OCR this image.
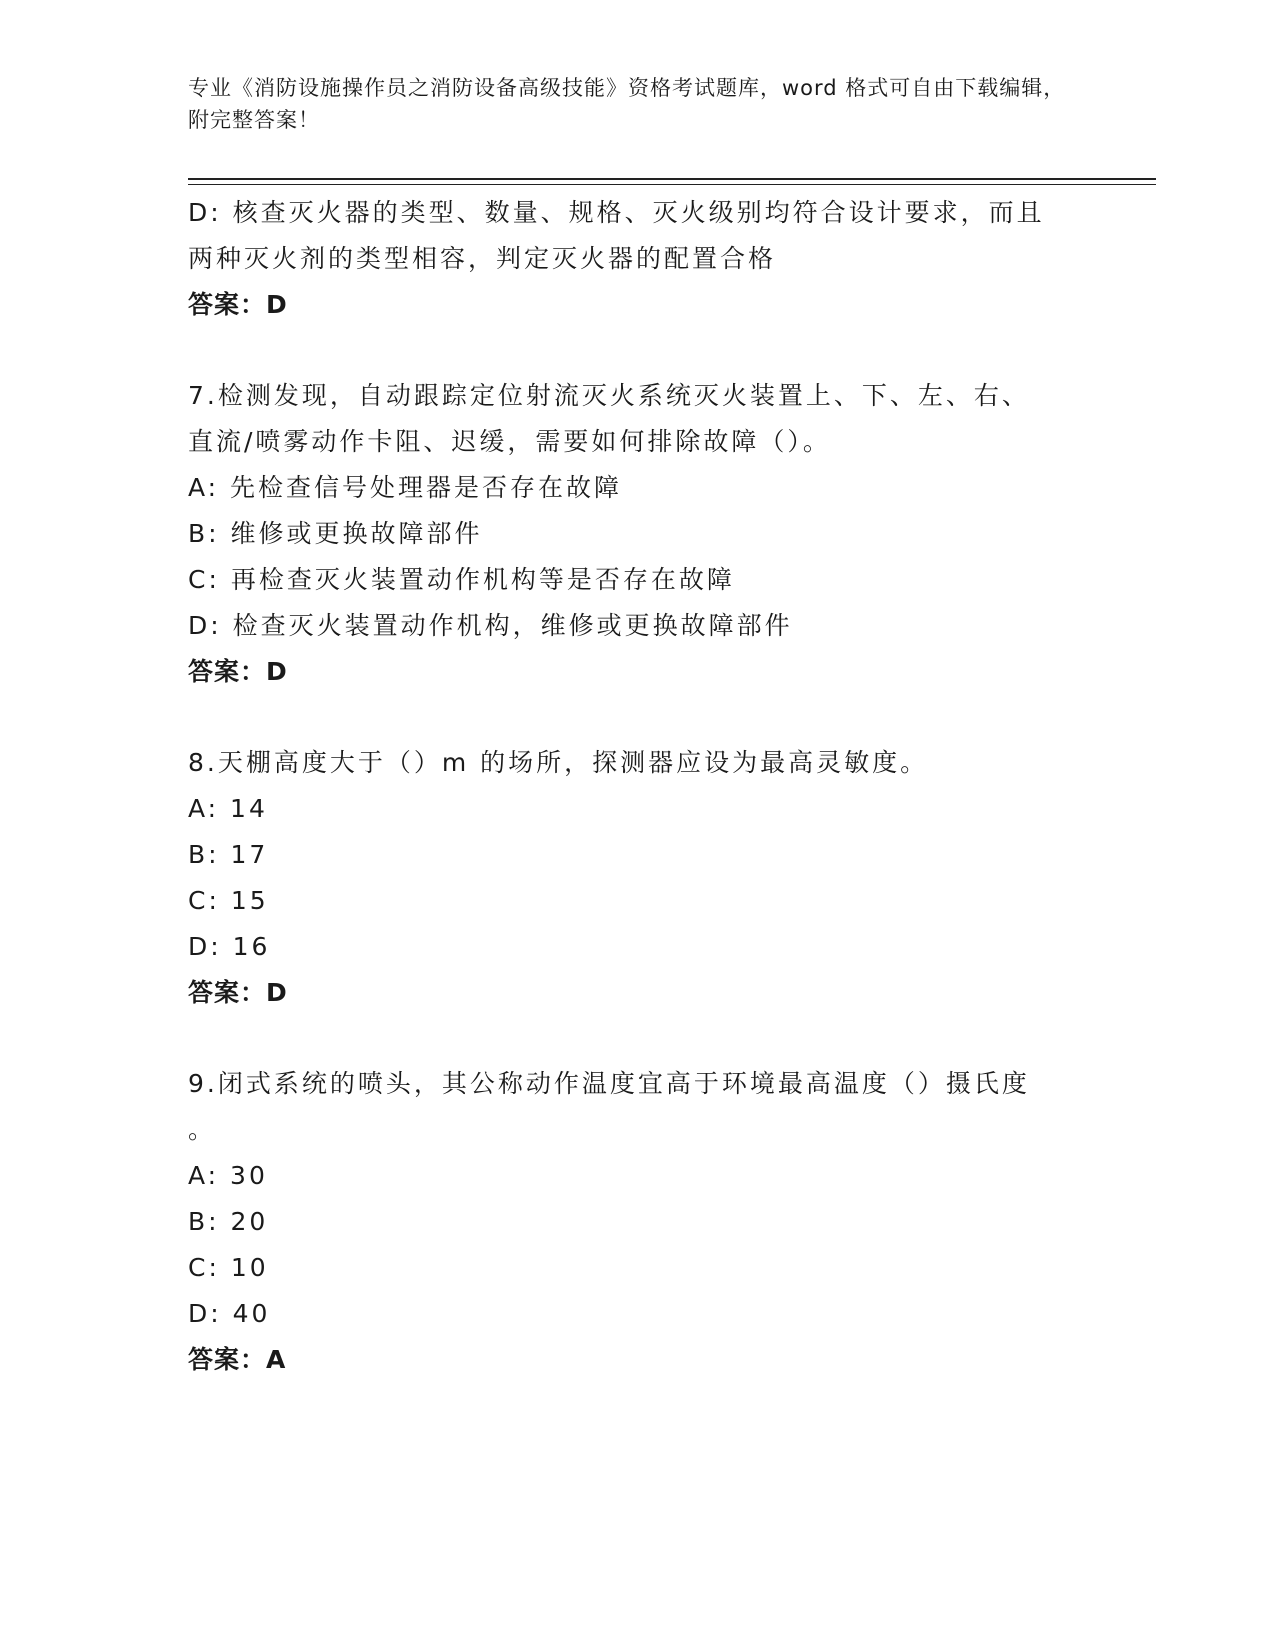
专业《消防设施操作员之消防设备高级技能》资格考试题库，word 格式可自由下载编辑，附完整答案！
D: 核查灭火器的类型、数量、规格、灭火级别均符合设计要求，而且
两种灭火剂的类型相容，判定灭火器的配置合格
答案：D
7.检测发现，自动跟踪定位射流灭火系统灭火装置上、下、左、右、
直流/喷雾动作卡阻、迟缓，需要如何排除故障（）。
A: 先检查信号处理器是否存在故障
B: 维修或更换故障部件
C: 再检查灭火装置动作机构等是否存在故障
D: 检查灭火装置动作机构，维修或更换故障部件
答案：D
8.天棚高度大于（）m 的场所，探测器应设为最高灵敏度。
A: 14
B: 17
C: 15
D: 16
答案：D
9.闭式系统的喷头，其公称动作温度宜高于环境最高温度（）摄氏度
。
A: 30
B: 20
C: 10
D: 40
答案：A
